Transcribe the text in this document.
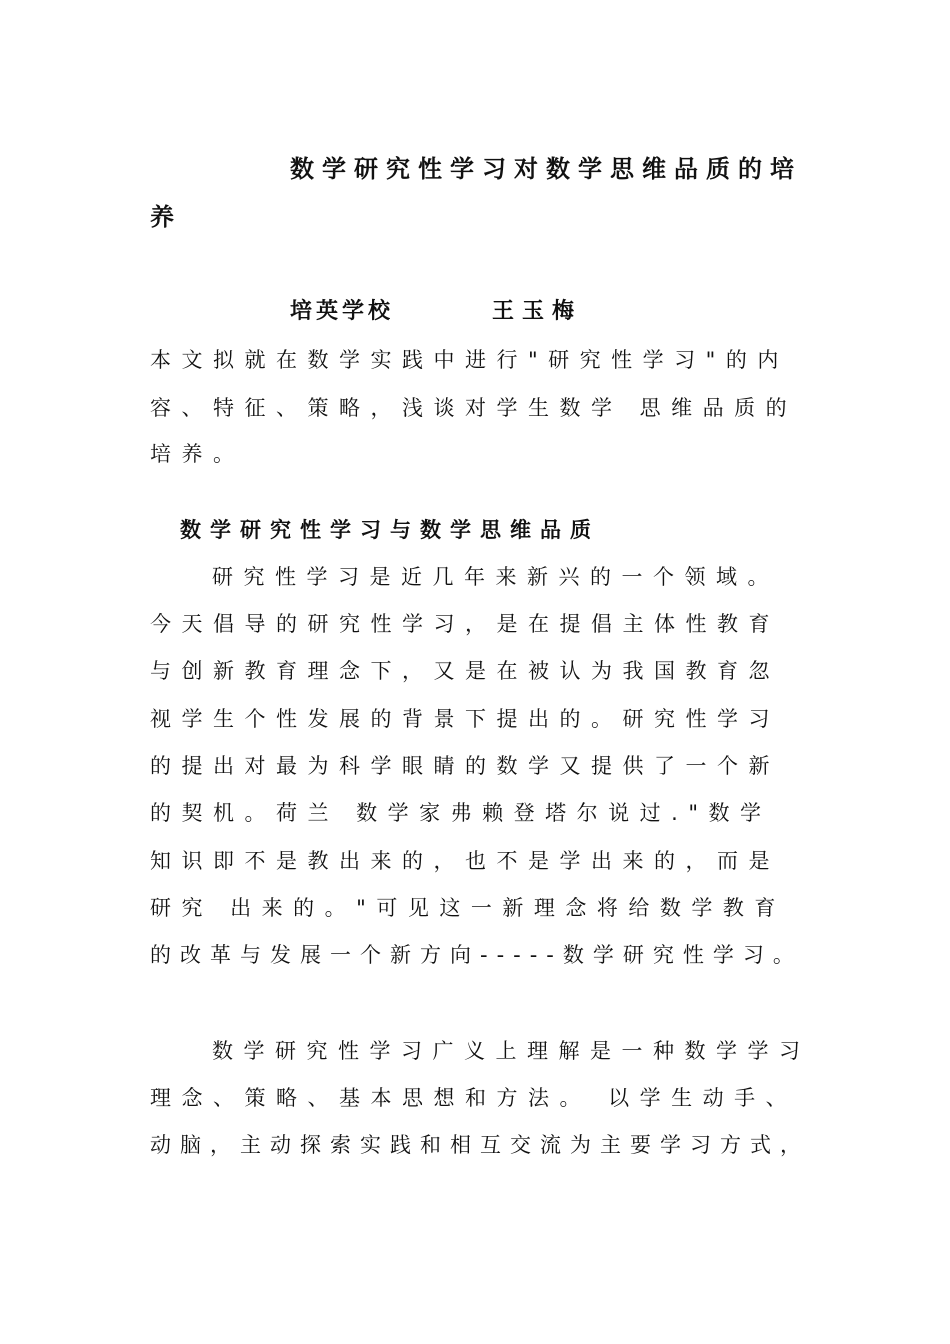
数学研究性学习对数学思维品质的培
养
培英学校	王玉梅
本文拟就在数学实践中进行"研究性学习"的内
容、特征、策略，浅谈对学生数学 思维品质的
培养。
数学研究性学习与数学思维品质
研究性学习是近几年来新兴的一个领域。
今天倡导的研究性学习，是在提倡主体性教育
与创新教育理念下，又是在被认为我国教育忽
视学生个性发展的背景下提出的。研究性学习
的提出对最为科学眼睛的数学又提供了一个新
的契机。荷兰 数学家弗赖登塔尔说过."数学
知识即不是教出来的，也不是学出来的，而是
研究 出来的。"可见这一新理念将给数学教育
的改革与发展一个新方向-----数学研究性学习。
数学研究性学习广义上理解是一种数学学习
理念、策略、基本思想和方法。 以学生动手、
动脑，主动探索实践和相互交流为主要学习方式，
